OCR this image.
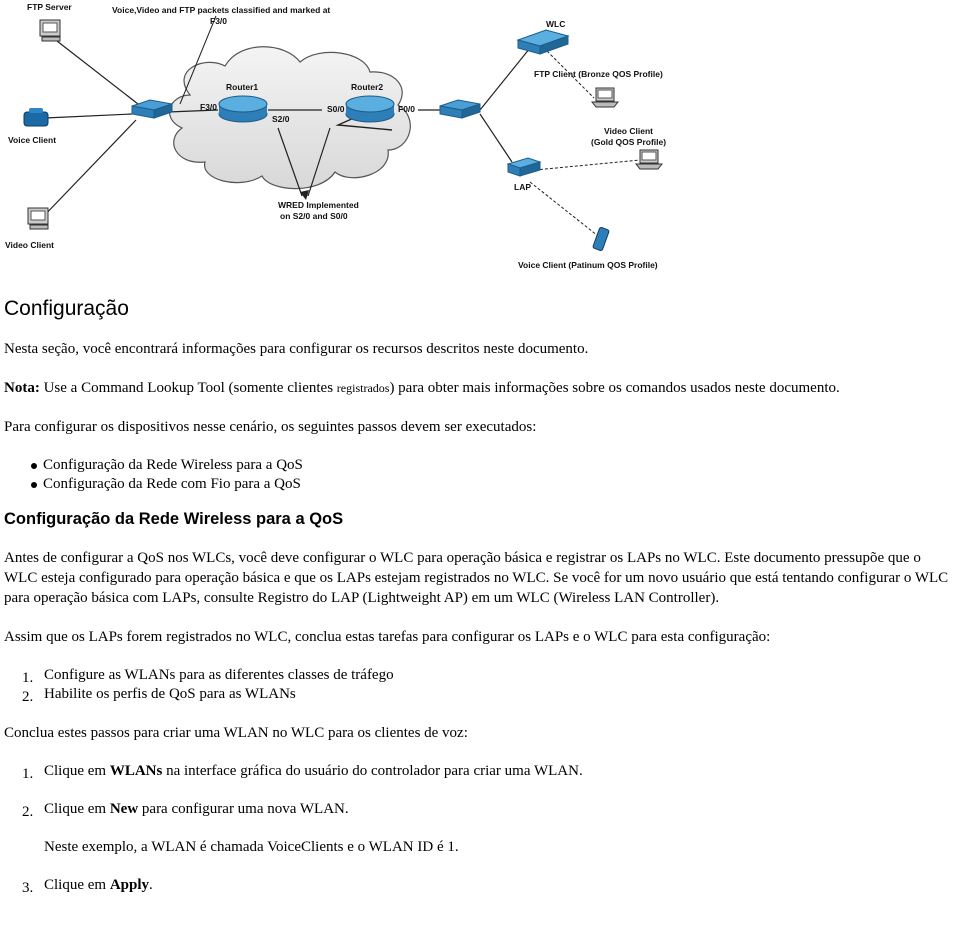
FTP Server	Voice,Video and FTP packets classified and marked at
F3/0
Router1	Router2
F3/0
S2/0
S0/0	F0/0
WRED Implemented
on S2/0 and S0/0
Voice Client
Video Client
WLC
LAP
FTP Client (Bronze QOS Profile)
Video Client
(Gold QOS Profile)
Voice Client (Patinum QOS Profile)
Configuração

Nesta seção, você encontrará informações para configurar os recursos descritos neste documento.

Nota: Use a Command Lookup Tool (somente clientes registrados) para obter mais informações sobre os comandos usados neste documento.

Para configurar os dispositivos nesse cenário, os seguintes passos devem ser executados:

Configuração da Rede Wireless para a QoS
Configuração da Rede com Fio para a QoS
Configuração da Rede Wireless para a QoS

Antes de configurar a QoS nos WLCs, você deve configurar o WLC para operação básica e registrar os LAPs no WLC. Este documento pressupõe que o WLC esteja configurado para operação básica e que os LAPs estejam registrados no WLC. Se você for um novo usuário que está tentando configurar o WLC para operação básica com LAPs, consulte Registro do LAP (Lightweight AP) em um WLC (Wireless LAN Controller).

Assim que os LAPs forem registrados no WLC, conclua estas tarefas para configurar os LAPs e o WLC para esta configuração:

1. Configure as WLANs para as diferentes classes de tráfego
2. Habilite os perfis de QoS para as WLANs

Conclua estes passos para criar uma WLAN no WLC para os clientes de voz:

1. Clique em WLANs na interface gráfica do usuário do controlador para criar uma WLAN.
2. Clique em New para configurar uma nova WLAN.
Neste exemplo, a WLAN é chamada VoiceClients e o WLAN ID é 1.
3. Clique em Apply.
